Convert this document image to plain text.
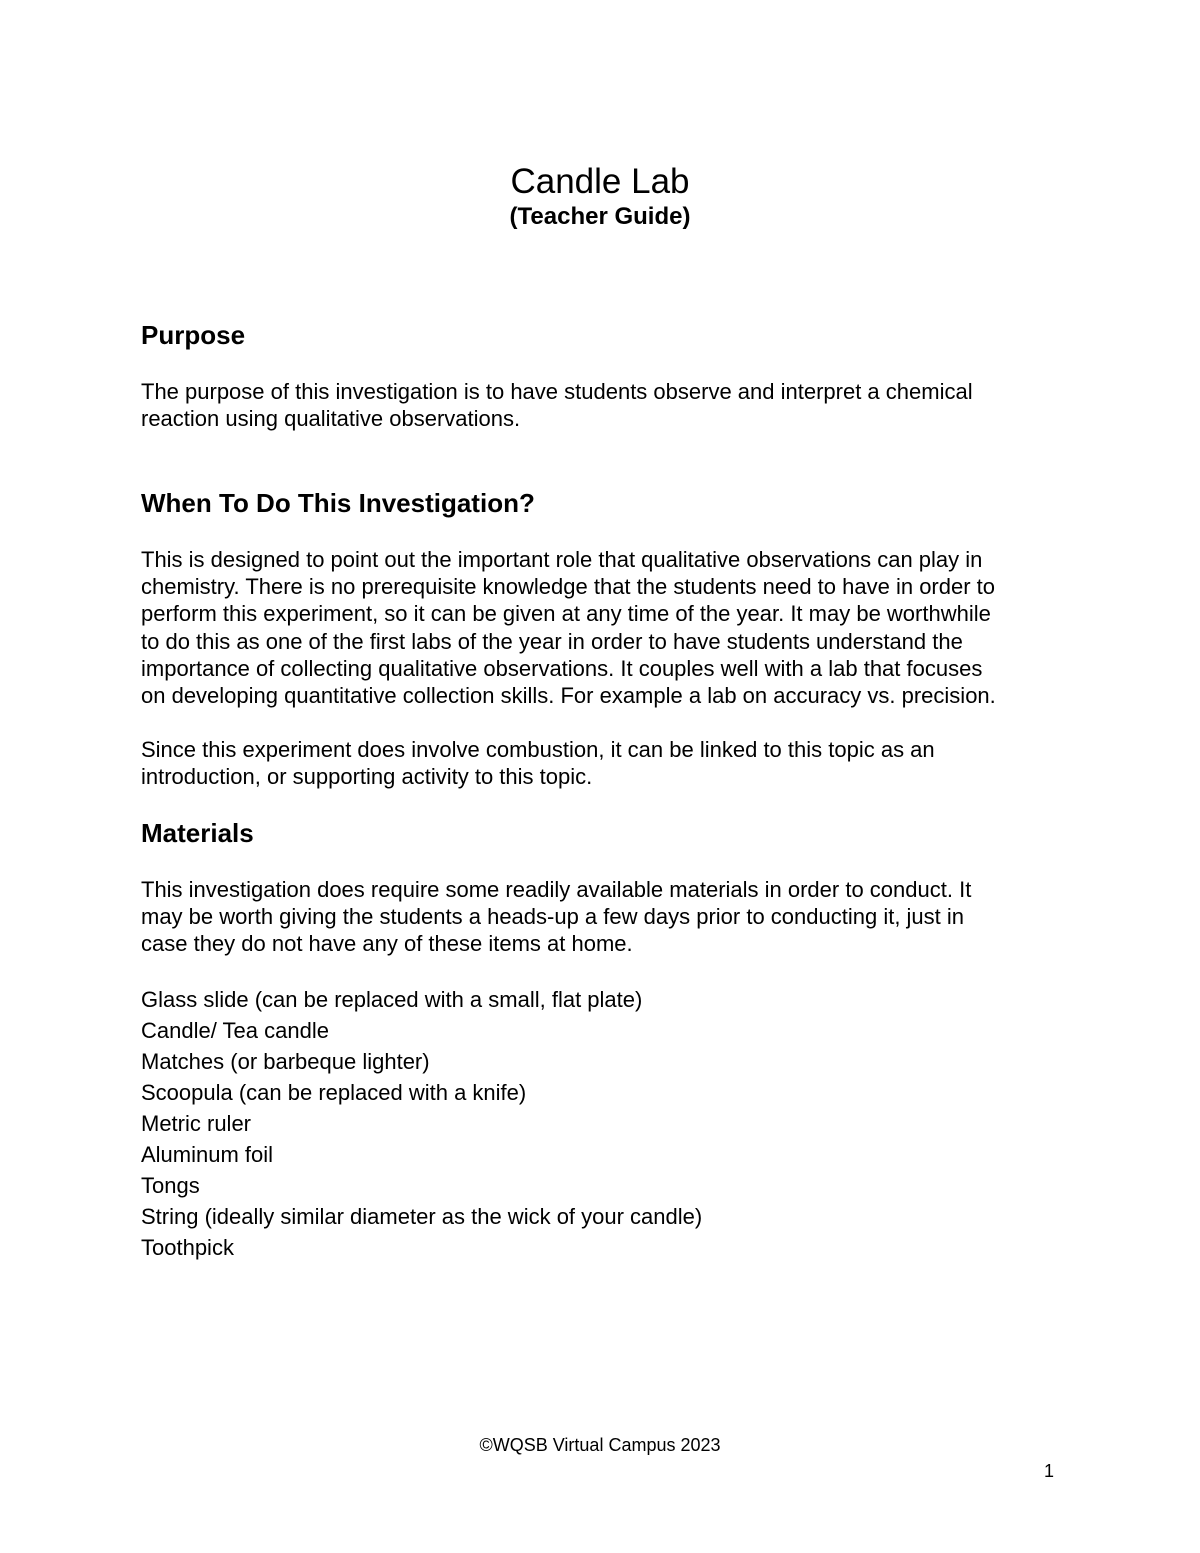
Candle Lab
(Teacher Guide)
Purpose
The purpose of this investigation is to have students observe and interpret a chemical
reaction using qualitative observations.
When To Do This Investigation?
This is designed to point out the important role that qualitative observations can play in
chemistry. There is no prerequisite knowledge that the students need to have in order to
perform this experiment, so it can be given at any time of the year. It may be worthwhile
to do this as one of the first labs of the year in order to have students understand the
importance of collecting qualitative observations. It couples well with a lab that focuses
on developing quantitative collection skills. For example a lab on accuracy vs. precision.
Since this experiment does involve combustion, it can be linked to this topic as an
introduction, or supporting activity to this topic.
Materials
This investigation does require some readily available materials in order to conduct. It
may be worth giving the students a heads-up a few days prior to conducting it, just in
case they do not have any of these items at home.
Glass slide (can be replaced with a small, flat plate)
Candle/ Tea candle
Matches (or barbeque lighter)
Scoopula (can be replaced with a knife)
Metric ruler
Aluminum foil
Tongs
String (ideally similar diameter as the wick of your candle)
Toothpick
©WQSB Virtual Campus 2023
1
